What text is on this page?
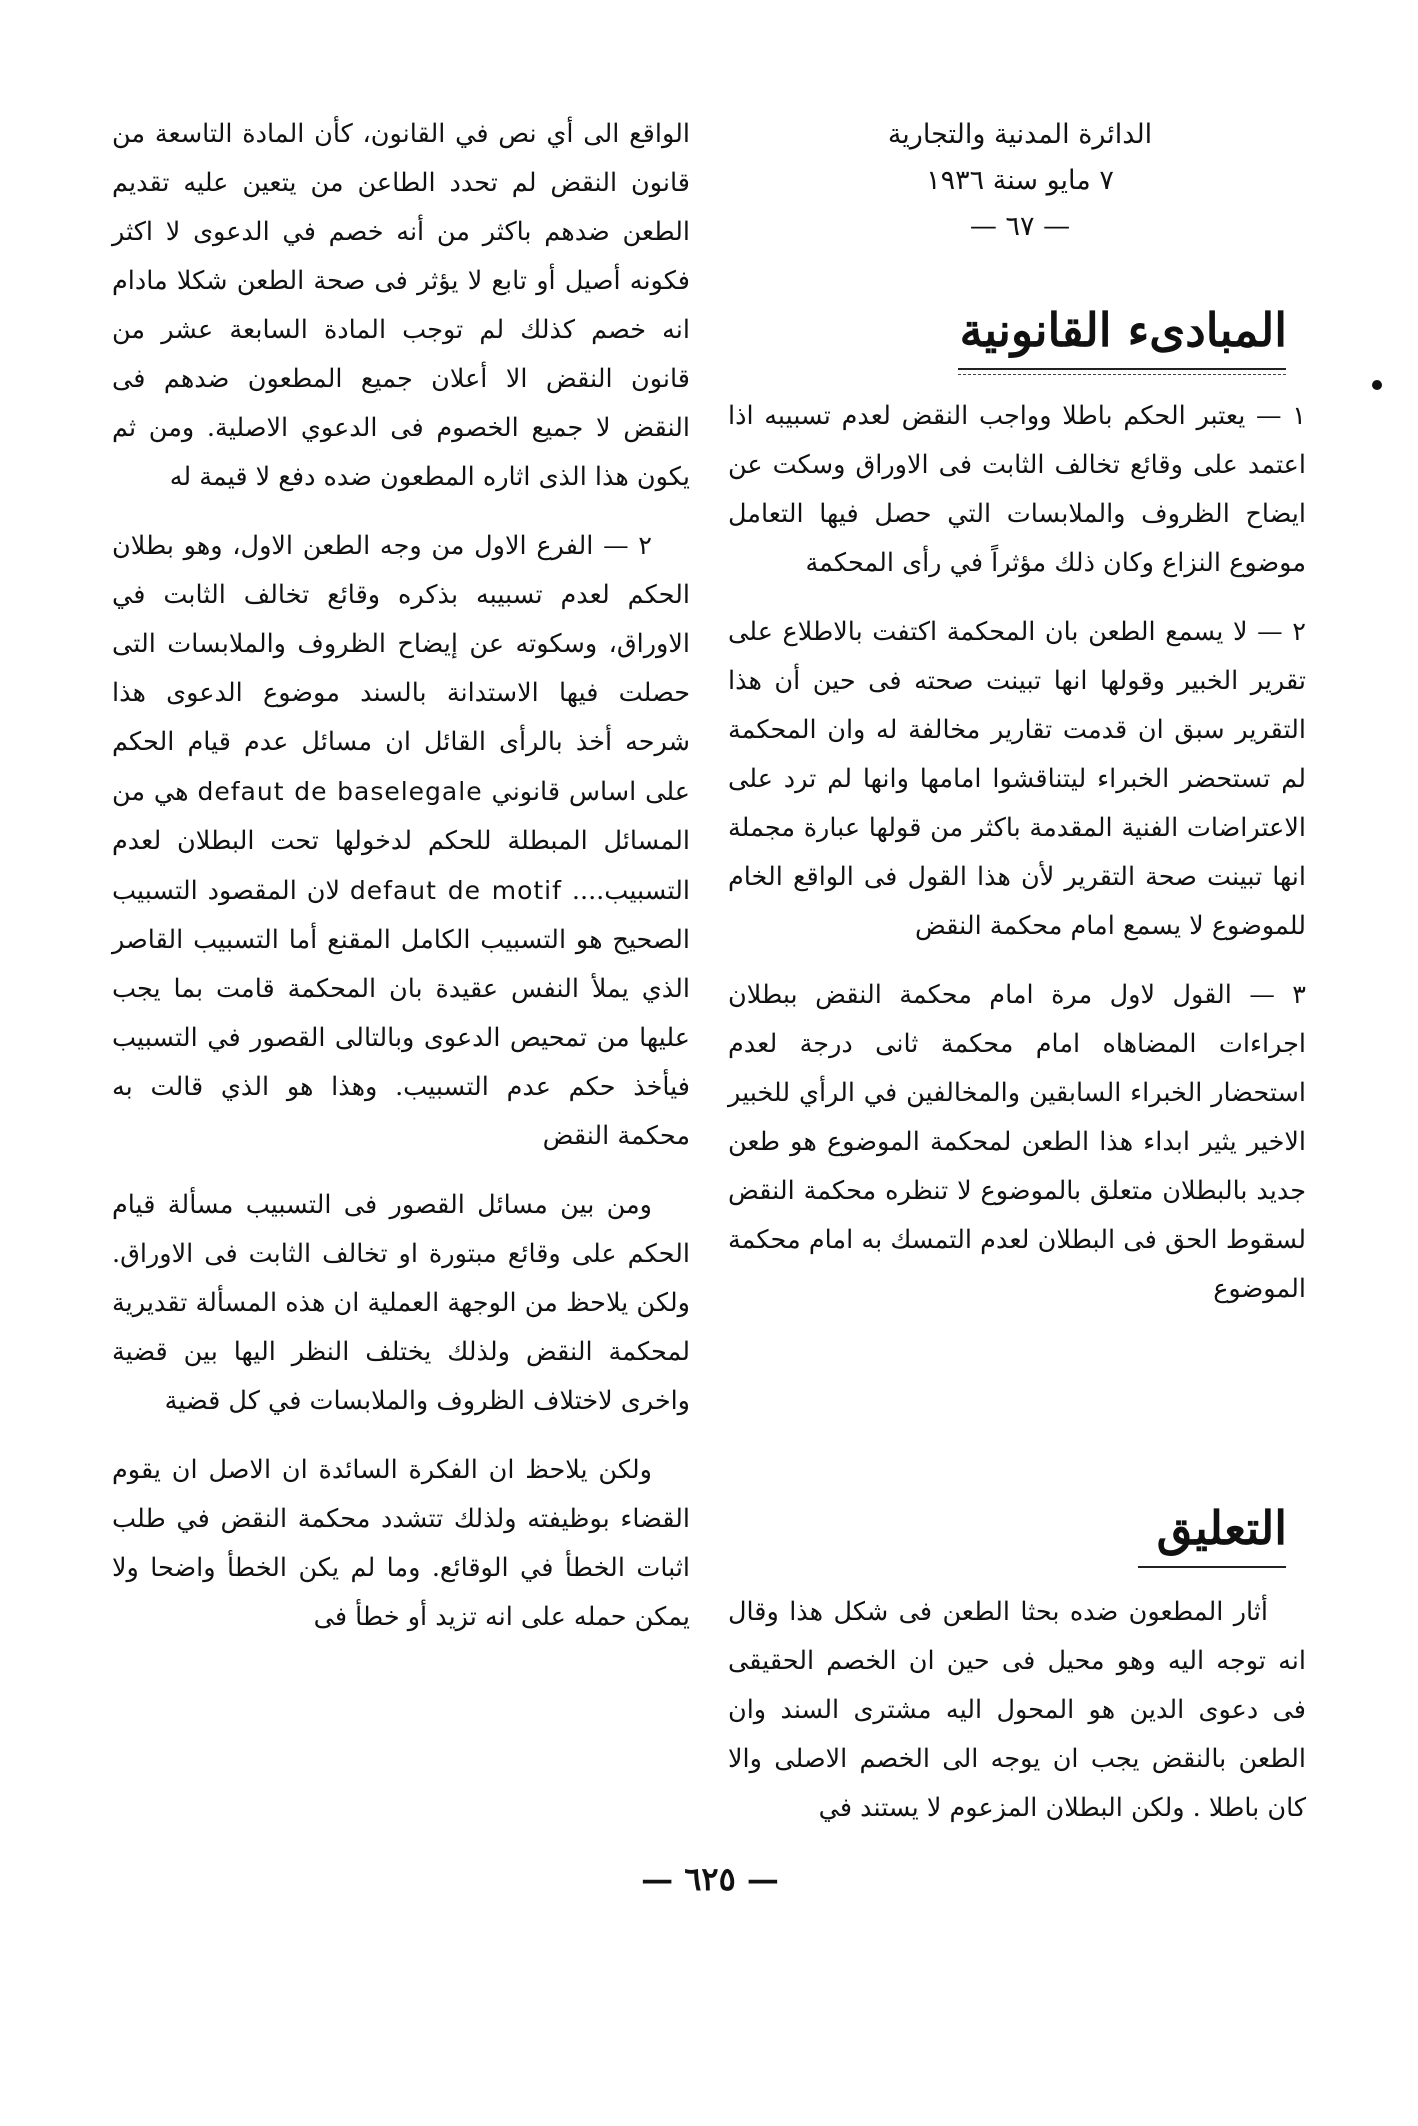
الدائرة المدنية والتجارية
٧ مايو سنة ١٩٣٦
— ٦٧ —
المبادىء القانونية
١ — يعتبر الحكم باطلا وواجب النقض لعدم تسبيبه اذا اعتمد على وقائع تخالف الثابت فى الاوراق وسكت عن ايضاح الظروف والملابسات التي حصل فيها التعامل موضوع النزاع وكان ذلك مؤثراً في رأى المحكمة
٢ — لا يسمع الطعن بان المحكمة اكتفت بالاطلاع على تقرير الخبير وقولها انها تبينت صحته فى حين أن هذا التقرير سبق ان قدمت تقارير مخالفة له وان المحكمة لم تستحضر الخبراء ليتناقشوا امامها وانها لم ترد على الاعتراضات الفنية المقدمة باكثر من قولها عبارة مجملة انها تبينت صحة التقرير لأن هذا القول فى الواقع الخام للموضوع لا يسمع امام محكمة النقض
٣ — القول لاول مرة امام محكمة النقض ببطلان اجراءات المضاهاه امام محكمة ثانى درجة لعدم استحضار الخبراء السابقين والمخالفين في الرأي للخبير الاخير يثير ابداء هذا الطعن لمحكمة الموضوع هو طعن جديد بالبطلان متعلق بالموضوع لا تنظره محكمة النقض لسقوط الحق فى البطلان لعدم التمسك به امام محكمة الموضوع
التعليق
أثار المطعون ضده بحثا الطعن فى شكل هذا وقال انه توجه اليه وهو محيل فى حين ان الخصم الحقيقى فى دعوى الدين هو المحول اليه مشترى السند وان الطعن بالنقض يجب ان يوجه الى الخصم الاصلى والا كان باطلا . ولكن البطلان المزعوم لا يستند في
الواقع الى أي نص في القانون، كأن المادة التاسعة من قانون النقض لم تحدد الطاعن من يتعين عليه تقديم الطعن ضدهم باكثر من أنه خصم في الدعوى لا اكثر فكونه أصيل أو تابع لا يؤثر فى صحة الطعن شكلا مادام انه خصم كذلك لم توجب المادة السابعة عشر من قانون النقض الا أعلان جميع المطعون ضدهم فى النقض لا جميع الخصوم فى الدعوي الاصلية. ومن ثم يكون هذا الذى اثاره المطعون ضده دفع لا قيمة له
٢ — الفرع الاول من وجه الطعن الاول، وهو بطلان الحكم لعدم تسبيبه بذكره وقائع تخالف الثابت في الاوراق، وسكوته عن إيضاح الظروف والملابسات التى حصلت فيها الاستدانة بالسند موضوع الدعوى هذا شرحه أخذ بالرأى القائل ان مسائل عدم قيام الحكم على اساس قانوني defaut de baselegale هي من المسائل المبطلة للحكم لدخولها تحت البطلان لعدم التسبيب.... defaut de motif لان المقصود التسبيب الصحيح هو التسبيب الكامل المقنع أما التسبيب القاصر الذي يملأ النفس عقيدة بان المحكمة قامت بما يجب عليها من تمحيص الدعوى وبالتالى القصور في التسبيب فيأخذ حكم عدم التسبيب. وهذا هو الذي قالت به محكمة النقض
ومن بين مسائل القصور فى التسبيب مسألة قيام الحكم على وقائع مبتورة او تخالف الثابت فى الاوراق. ولكن يلاحظ من الوجهة العملية ان هذه المسألة تقديرية لمحكمة النقض ولذلك يختلف النظر اليها بين قضية واخرى لاختلاف الظروف والملابسات في كل قضية
ولكن يلاحظ ان الفكرة السائدة ان الاصل ان يقوم القضاء بوظيفته ولذلك تتشدد محكمة النقض في طلب اثبات الخطأ في الوقائع. وما لم يكن الخطأ واضحا ولا يمكن حمله على انه تزيد أو خطأ فى
— ٦٢٥ —
